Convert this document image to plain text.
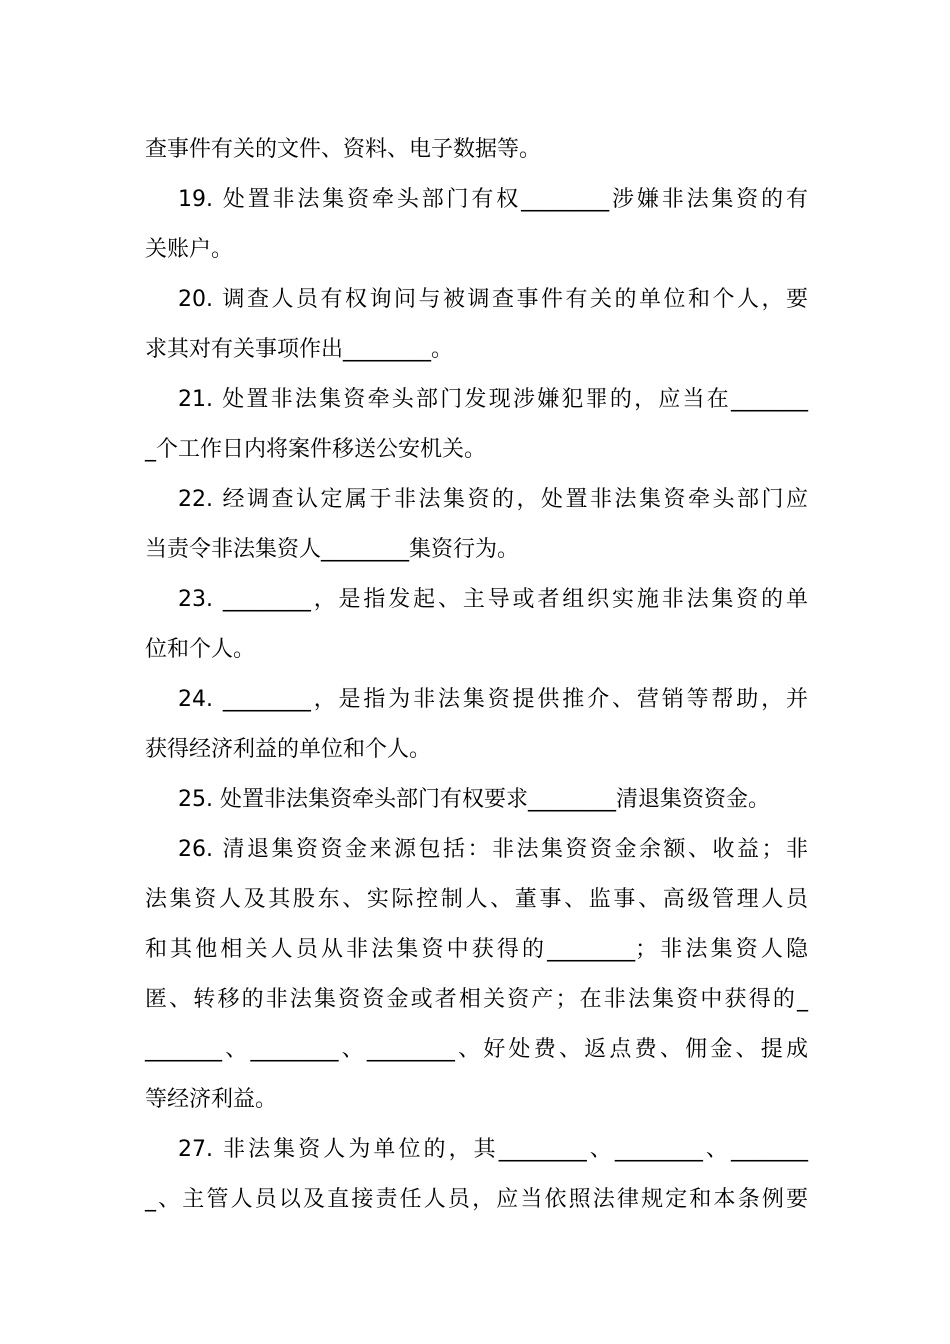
查事件有关的文件、资料、电子数据等。
19. 处置非法集资牵头部门有权________涉嫌非法集资的有
关账户。
20. 调查人员有权询问与被调查事件有关的单位和个人，要
求其对有关事项作出________。
21. 处置非法集资牵头部门发现涉嫌犯罪的，应当在_______
_个工作日内将案件移送公安机关。
22. 经调查认定属于非法集资的，处置非法集资牵头部门应
当责令非法集资人________集资行为。
23. ________，是指发起、主导或者组织实施非法集资的单
位和个人。
24. ________，是指为非法集资提供推介、营销等帮助，并
获得经济利益的单位和个人。
25. 处置非法集资牵头部门有权要求________清退集资资金。
26. 清退集资资金来源包括：非法集资资金余额、收益；非
法集资人及其股东、实际控制人、董事、监事、高级管理人员
和其他相关人员从非法集资中获得的________；非法集资人隐
匿、转移的非法集资资金或者相关资产；在非法集资中获得的_
_______、________、________、好处费、返点费、佣金、提成
等经济利益。
27. 非法集资人为单位的，其________、________、_______
_、主管人员以及直接责任人员，应当依照法律规定和本条例要
